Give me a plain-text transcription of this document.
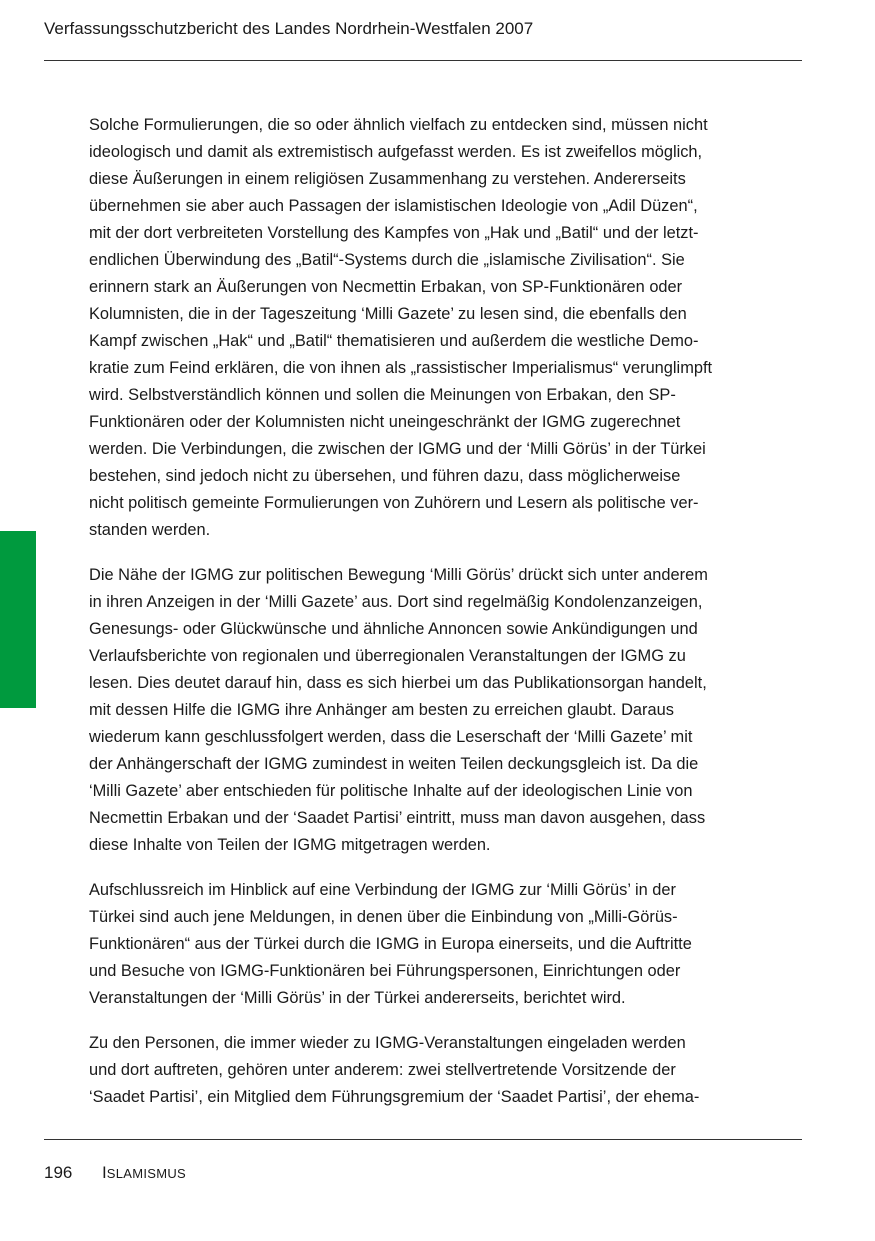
Verfassungsschutzbericht des Landes Nordrhein-Westfalen 2007

Solche Formulierungen, die so oder ähnlich vielfach zu entdecken sind, müssen nicht
ideologisch und damit als extremistisch aufgefasst werden. Es ist zweifellos möglich,
diese Äußerungen in einem religiösen Zusammenhang zu verstehen. Andererseits
übernehmen sie aber auch Passagen der islamistischen Ideologie von „Adil Düzen“,
mit der dort verbreiteten Vorstellung des Kampfes von „Hak und „Batil“ und der letzt-
endlichen Überwindung des „Batil“-Systems durch die „islamische Zivilisation“. Sie
erinnern stark an Äußerungen von Necmettin Erbakan, von SP-Funktionären oder
Kolumnisten, die in der Tageszeitung ‘Milli Gazete’ zu lesen sind, die ebenfalls den
Kampf zwischen „Hak“ und „Batil“ thematisieren und außerdem die westliche Demo-
kratie zum Feind erklären, die von ihnen als „rassistischer Imperialismus“ verunglimpft
wird. Selbstverständlich können und sollen die Meinungen von Erbakan, den SP-
Funktionären oder der Kolumnisten nicht uneingeschränkt der IGMG zugerechnet
werden. Die Verbindungen, die zwischen der IGMG und der ‘Milli Görüs’ in der Türkei
bestehen, sind jedoch nicht zu übersehen, und führen dazu, dass möglicherweise
nicht politisch gemeinte Formulierungen von Zuhörern und Lesern als politische ver-
standen werden.

Die Nähe der IGMG zur politischen Bewegung ‘Milli Görüs’ drückt sich unter anderem
in ihren Anzeigen in der ‘Milli Gazete’ aus. Dort sind regelmäßig Kondolenzanzeigen,
Genesungs- oder Glückwünsche und ähnliche Annoncen sowie Ankündigungen und
Verlaufsberichte von regionalen und überregionalen Veranstaltungen der IGMG zu
lesen. Dies deutet darauf hin, dass es sich hierbei um das Publikationsorgan handelt,
mit dessen Hilfe die IGMG ihre Anhänger am besten zu erreichen glaubt. Daraus
wiederum kann geschlussfolgert werden, dass die Leserschaft der ‘Milli Gazete’ mit
der Anhängerschaft der IGMG zumindest in weiten Teilen deckungsgleich ist. Da die
‘Milli Gazete’ aber entschieden für politische Inhalte auf der ideologischen Linie von
Necmettin Erbakan und der ‘Saadet Partisi’ eintritt, muss man davon ausgehen, dass
diese Inhalte von Teilen der IGMG mitgetragen werden.

Aufschlussreich im Hinblick auf eine Verbindung der IGMG zur ‘Milli Görüs’ in der
Türkei sind auch jene Meldungen, in denen über die Einbindung von „Milli-Görüs-
Funktionären“ aus der Türkei durch die IGMG in Europa einerseits, und die Auftritte
und Besuche von IGMG-Funktionären bei Führungspersonen, Einrichtungen oder
Veranstaltungen der ‘Milli Görüs’ in der Türkei andererseits, berichtet wird.

Zu den Personen, die immer wieder zu IGMG-Veranstaltungen eingeladen werden
und dort auftreten, gehören unter anderem: zwei stellvertretende Vorsitzende der
‘Saadet Partisi’, ein Mitglied dem Führungsgremium der ‘Saadet Partisi’, der ehema-

196 ISLAMISMUS
